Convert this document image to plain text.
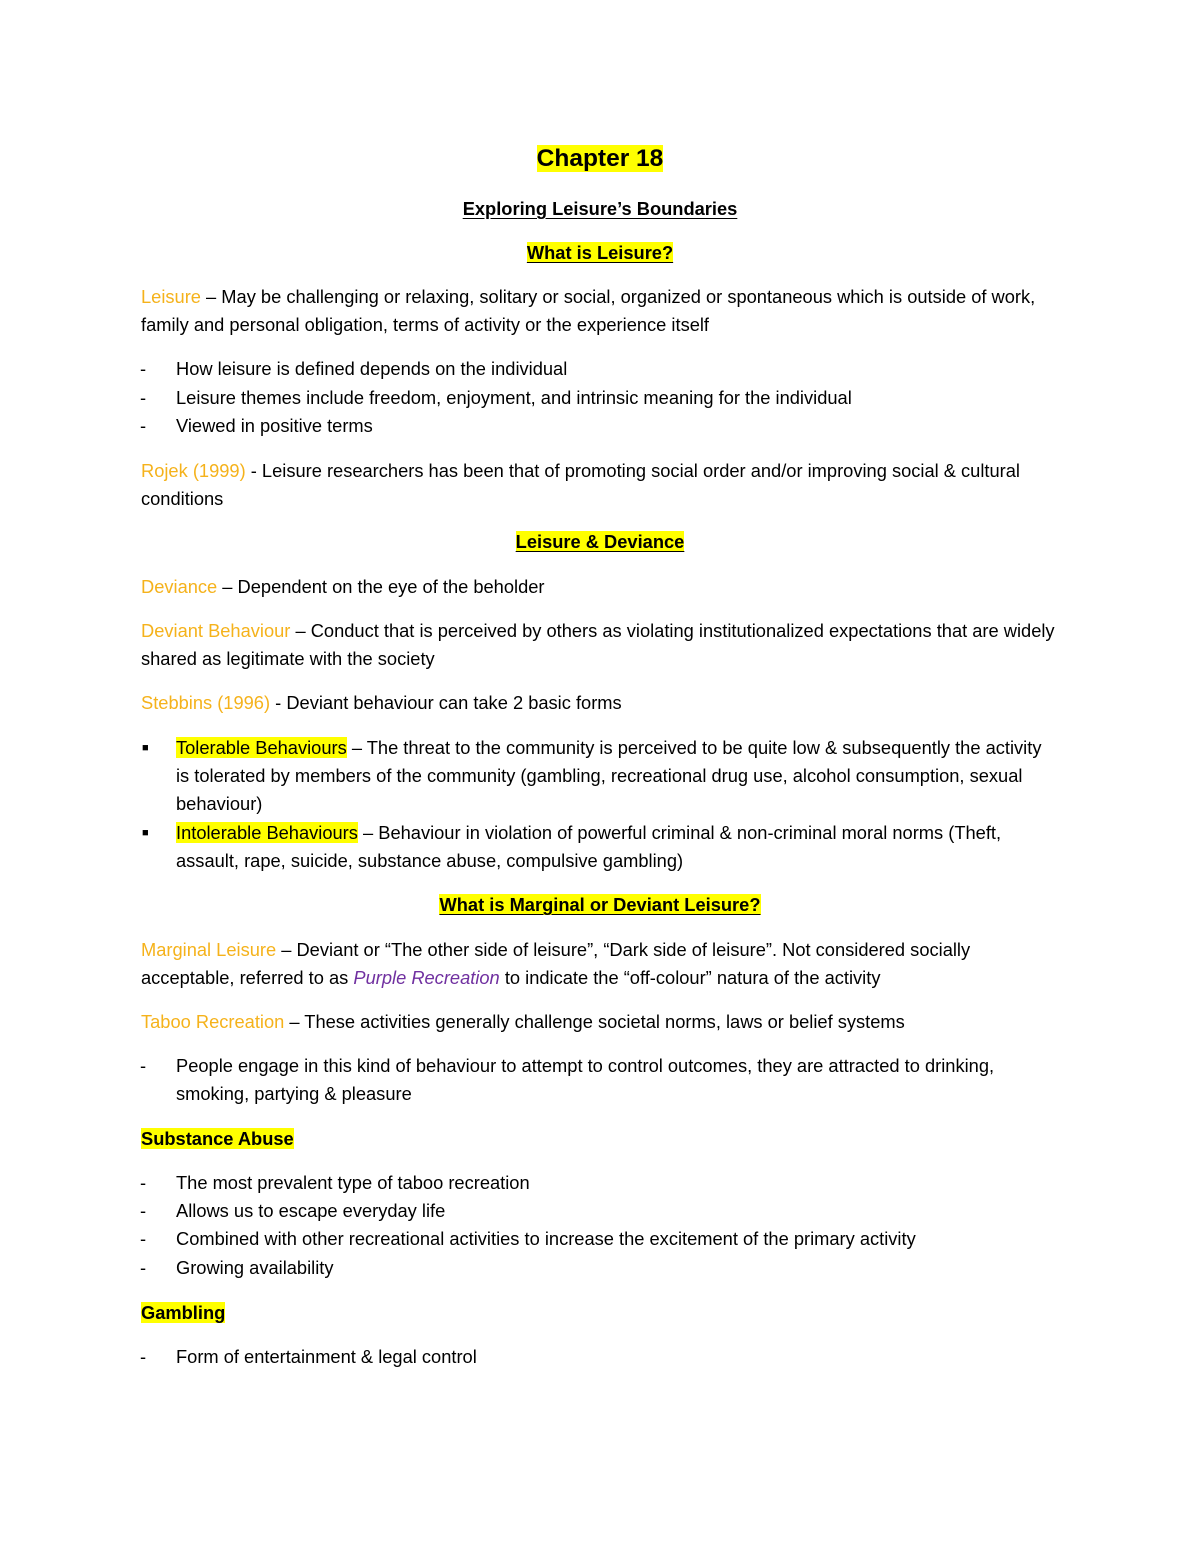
Chapter 18
Exploring Leisure’s Boundaries
What is Leisure?

Leisure – May be challenging or relaxing, solitary or social, organized or spontaneous which is outside of work, family and personal obligation, terms of activity or the experience itself

-	How leisure is defined depends on the individual
-	Leisure themes include freedom, enjoyment, and intrinsic meaning for the individual
-	Viewed in positive terms

Rojek (1999) - Leisure researchers has been that of promoting social order and/or improving social & cultural conditions

Leisure & Deviance

Deviance – Dependent on the eye of the beholder

Deviant Behaviour – Conduct that is perceived by others as violating institutionalized expectations that are widely shared as legitimate with the society

Stebbins (1996) - Deviant behaviour can take 2 basic forms

■ Tolerable Behaviours – The threat to the community is perceived to be quite low & subsequently the activity is tolerated by members of the community (gambling, recreational drug use, alcohol consumption, sexual behaviour)
■ Intolerable Behaviours – Behaviour in violation of powerful criminal & non-criminal moral norms (Theft, assault, rape, suicide, substance abuse, compulsive gambling)
What is Marginal or Deviant Leisure?

Marginal Leisure – Deviant or “The other side of leisure”, “Dark side of leisure”. Not considered socially acceptable, referred to as Purple Recreation to indicate the “off-colour” natura of the activity

Taboo Recreation – These activities generally challenge societal norms, laws or belief systems

-	People engage in this kind of behaviour to attempt to control outcomes, they are attracted to drinking, smoking, partying & pleasure
Substance Abuse
-	The most prevalent type of taboo recreation
-	Allows us to escape everyday life
-	Combined with other recreational activities to increase the excitement of the primary activity
-	Growing availability
Gambling
-	Form of entertainment & legal control
